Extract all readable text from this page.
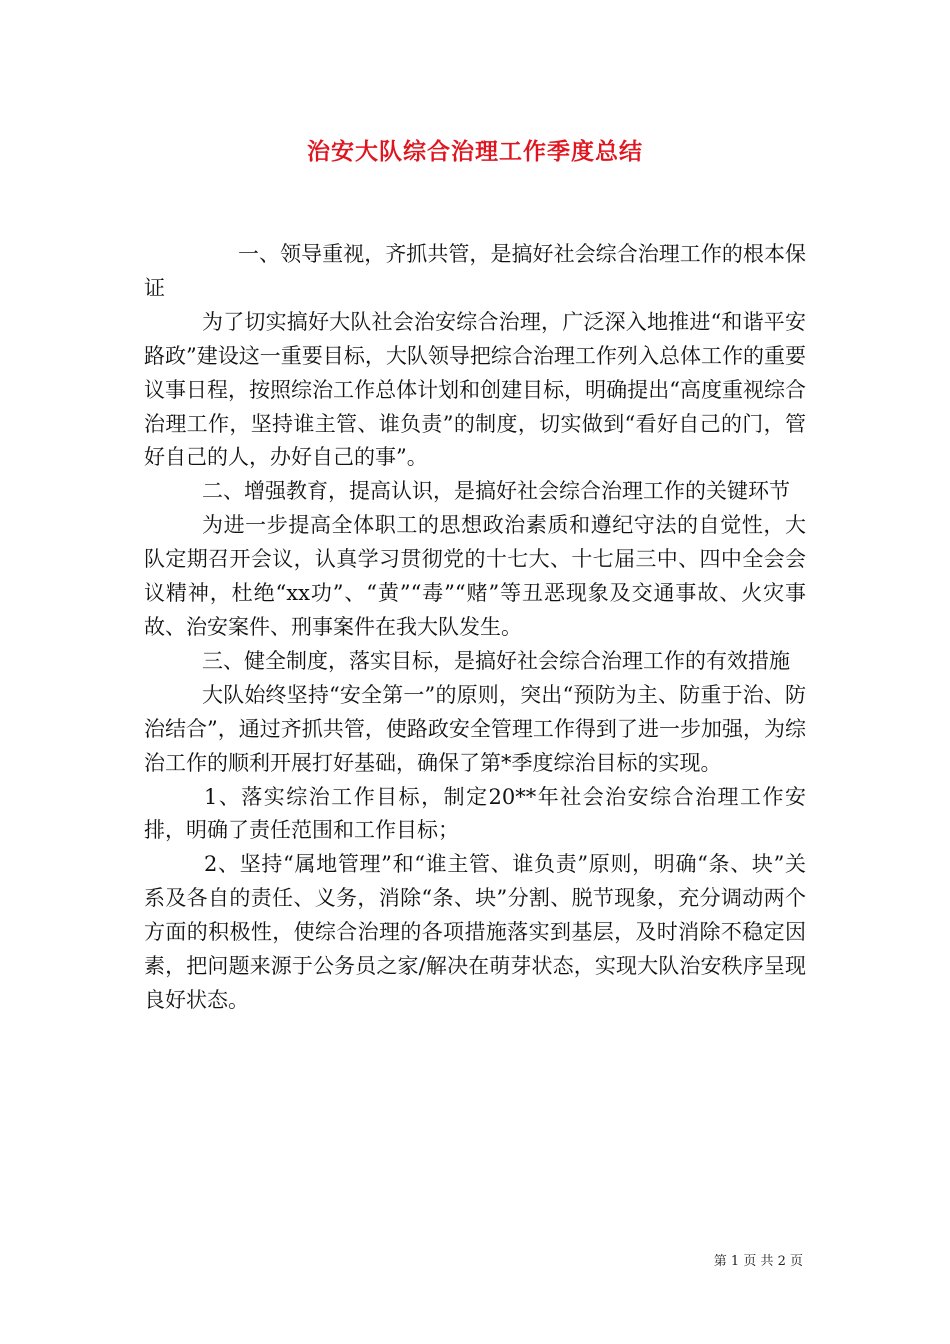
治安大队综合治理工作季度总结

一、领导重视，齐抓共管，是搞好社会综合治理工作的根本保证

为了切实搞好大队社会治安综合治理，广泛深入地推进“和谐平安路政”建设这一重要目标，大队领导把综合治理工作列入总体工作的重要议事日程，按照综治工作总体计划和创建目标，明确提出“高度重视综合治理工作，坚持谁主管、谁负责”的制度，切实做到“看好自己的门，管好自己的人，办好自己的事”。

二、增强教育，提高认识，是搞好社会综合治理工作的关键环节

为进一步提高全体职工的思想政治素质和遵纪守法的自觉性，大队定期召开会议，认真学习贯彻党的十七大、十七届三中、四中全会会议精神，杜绝“xx功”、“黄”“毒”“赌”等丑恶现象及交通事故、火灾事故、治安案件、刑事案件在我大队发生。

三、健全制度，落实目标，是搞好社会综合治理工作的有效措施

大队始终坚持“安全第一”的原则，突出“预防为主、防重于治、防治结合”，通过齐抓共管，使路政安全管理工作得到了进一步加强，为综治工作的顺利开展打好基础，确保了第*季度综治目标的实现。

1、落实综治工作目标，制定20**年社会治安综合治理工作安排，明确了责任范围和工作目标；

2、坚持“属地管理”和“谁主管、谁负责”原则，明确“条、块”关系及各自的责任、义务，消除“条、块”分割、脱节现象，充分调动两个方面的积极性，使综合治理的各项措施落实到基层，及时消除不稳定因素，把问题来源于公务员之家/解决在萌芽状态，实现大队治安秩序呈现良好状态。

第 1 页 共 2 页
